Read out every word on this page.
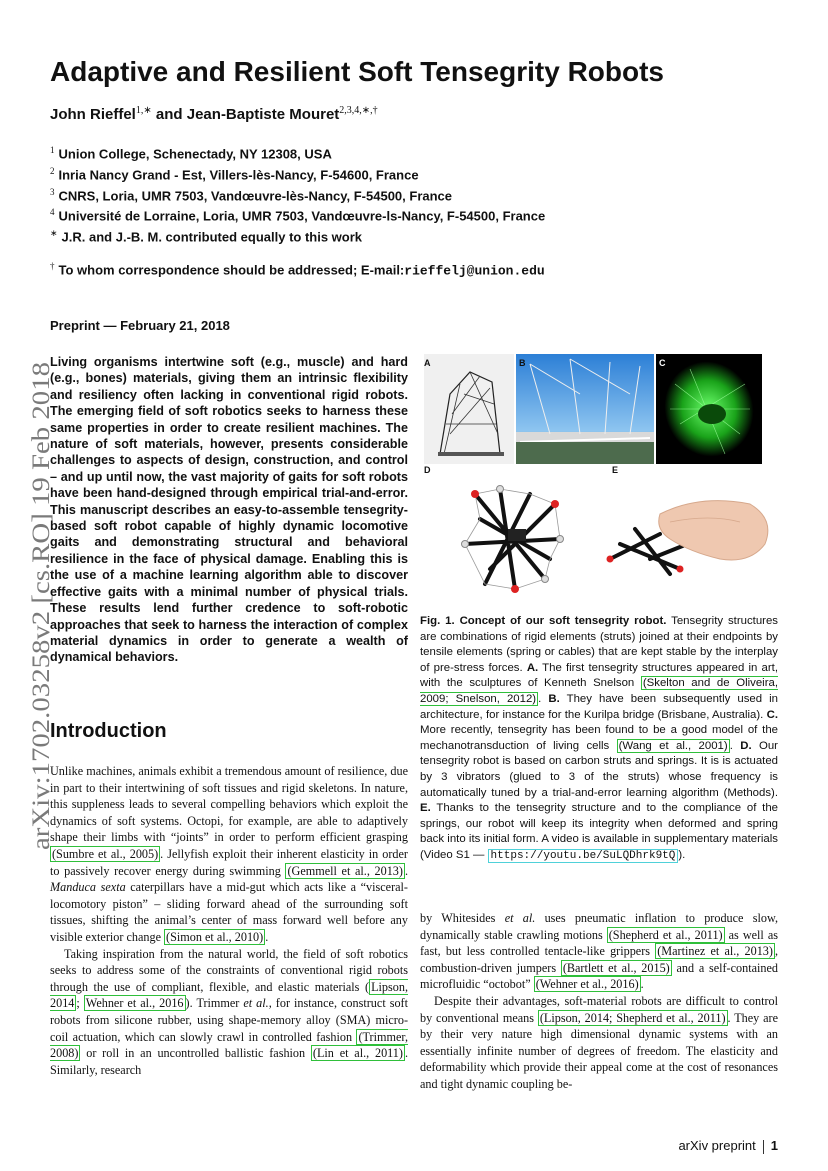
Adaptive and Resilient Soft Tensegrity Robots
John Rieffel$^{1,∗}$ and Jean-Baptiste Mouret$^{2,3,4,∗,\dagger}$
$^1$ Union College, Schenectady, NY 12308, USA
$^2$ Inria Nancy Grand - Est, Villers-lès-Nancy, F-54600, France
$^3$ CNRS, Loria, UMR 7503, Vandœuvre-lès-Nancy, F-54500, France
$^4$ Université de Lorraine, Loria, UMR 7503, Vandœuvre-ls-Nancy, F-54500, France
∗ J.R. and J.-B. M. contributed equally to this work
† To whom correspondence should be addressed; E-mail:rieffelj@union.edu
Preprint — February 21, 2018
arXiv:1702.03258v2 [cs.RO] 19 Feb 2018

Living organisms intertwine soft (e.g., muscle) and hard (e.g., bones) materials, giving them an intrinsic flexibility and resiliency often lacking in conventional rigid robots. The emerging field of soft robotics seeks to harness these same properties in order to create resilient machines. The nature of soft materials, however, presents considerable challenges to aspects of design, construction, and control – and up until now, the vast majority of gaits for soft robots have been hand-designed through empirical trial-and-error. This manuscript describes an easy-to-assemble tensegrity-based soft robot capable of highly dynamic locomotive gaits and demonstrating structural and behavioral resilience in the face of physical damage. Enabling this is the use of a machine learning algorithm able to discover effective gaits with a minimal number of physical trials. These results lend further credence to soft-robotic approaches that seek to harness the interaction of complex material dynamics in order to generate a wealth of dynamical behaviors.

Introduction

Unlike machines, animals exhibit a tremendous amount of resilience, due in part to their intertwining of soft tissues and rigid skeletons. In nature, this suppleness leads to several compelling behaviors which exploit the dynamics of soft systems. Octopi, for example, are able to adaptively shape their limbs with “joints” in order to perform efficient grasping (Sumbre et al., 2005) . Jellyfish exploit their inherent elasticity in order to passively recover energy during swimming (Gemmell et al., 2013) . Manduca sexta caterpillars have a mid-gut which acts like a “visceral-locomotory piston” – sliding forward ahead of the surrounding soft tissues, shifting the animal’s center of mass forward well before any visible exterior change (Simon et al., 2010) .

Taking inspiration from the natural world, the field of soft robotics seeks to address some of the constraints of conventional rigid robots through the use of compliant, flexible, and elastic materials ( Lipson, 2014 ; Wehner et al., 2016 ). Trimmer et al., for instance, construct soft robots from silicone rubber, using shape-memory alloy (SMA) micro-coil actuation, which can slowly crawl in controlled fashion (Trimmer, 2008) or roll in an uncontrolled ballistic fashion (Lin et al., 2011) . Similarly, research

A	B	C
D	E

Fig. 1. Concept of our soft tensegrity robot. Tensegrity structures are combinations of rigid elements (struts) joined at their endpoints by tensile elements (spring or cables) that are kept stable by the interplay of pre-stress forces. A. The first tensegrity structures appeared in art, with the sculptures of Kenneth Snelson (Skelton and de Oliveira, 2009; Snelson, 2012) . B. They have been subsequently used in architecture, for instance for the Kurilpa bridge (Brisbane, Australia). C. More recently, tensegrity has been found to be a good model of the mechanotransduction of living cells (Wang et al., 2001) . D. Our tensegrity robot is based on carbon struts and springs. It is is actuated by 3 vibrators (glued to 3 of the struts) whose frequency is automatically tuned by a trial-and-error learning algorithm (Methods). E. Thanks to the tensegrity structure and to the compliance of the springs, our robot will keep its integrity when deformed and spring back into its initial form. A video is available in supplementary materials (Video S1 — https://youtu.be/SuLQDhrk9tQ ).

by Whitesides et al. uses pneumatic inflation to produce slow, dynamically stable crawling motions (Shepherd et al., 2011) as well as fast, but less controlled tentacle-like grippers (Martinez et al., 2013) , combustion-driven jumpers (Bartlett et al., 2015) and a self-contained microfluidic “octobot” (Wehner et al., 2016) .

Despite their advantages, soft-material robots are difficult to control by conventional means (Lipson, 2014; Shepherd et al., 2011) . They are by their very nature high dimensional dynamic systems with an essentially infinite number of degrees of freedom. The elasticity and deformability which provide their appeal come at the cost of resonances and tight dynamic coupling be-

arXiv preprint 1
